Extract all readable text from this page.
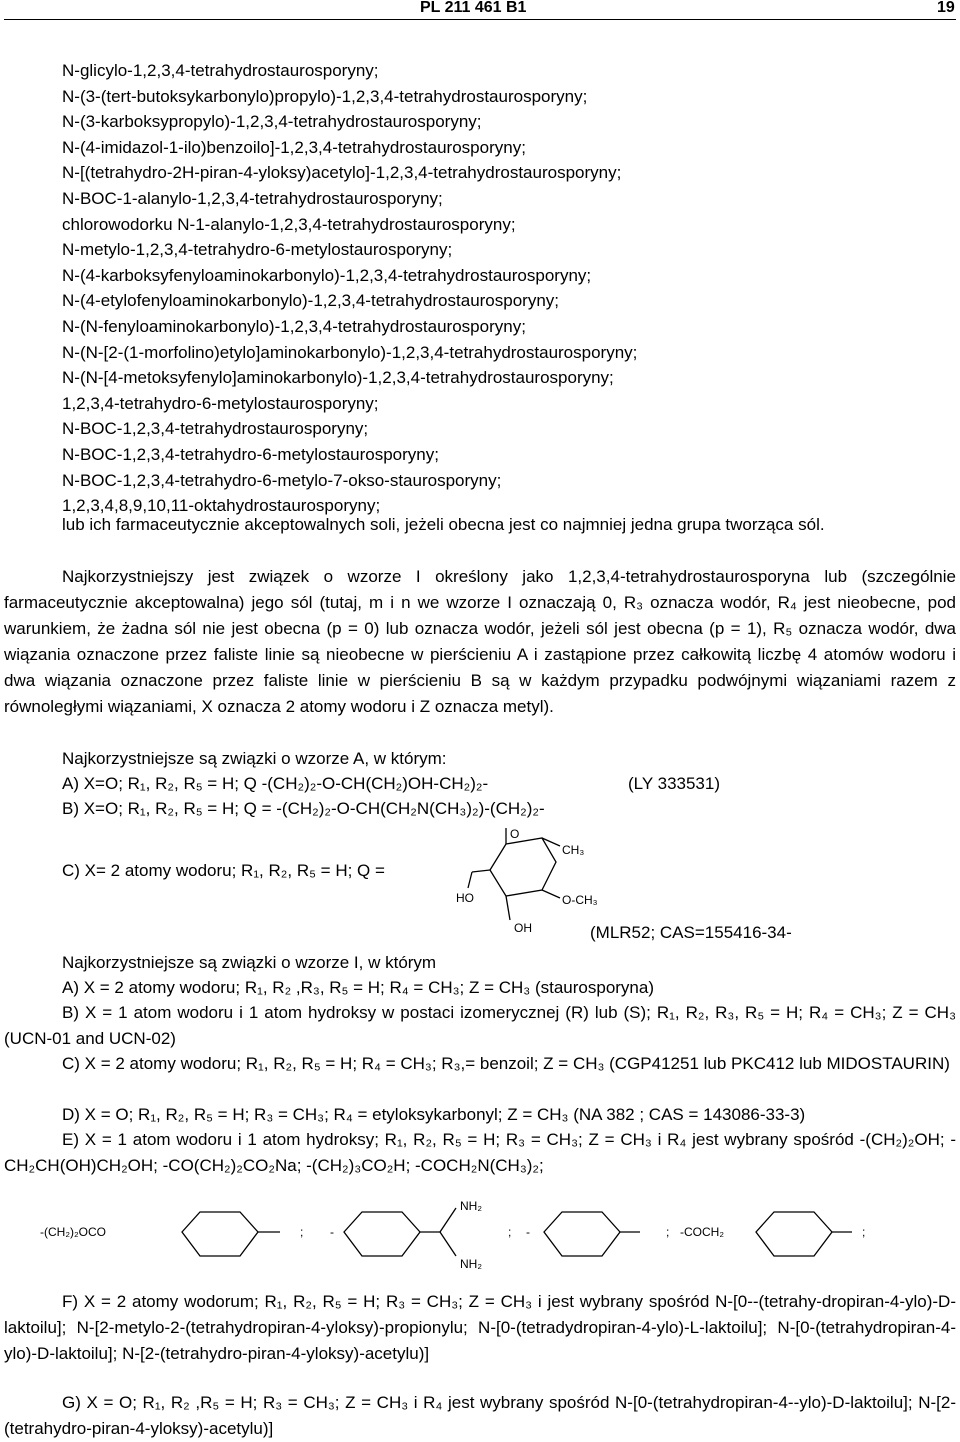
PL 211 461 B1	19
N-glicylo-1,2,3,4-tetrahydrostaurosporyny;
N-(3-(tert-butoksykarbonylo)propylo)-1,2,3,4-tetrahydrostaurosporyny;
N-(3-karboksypropylo)-1,2,3,4-tetrahydrostaurosporyny;
N-(4-imidazol-1-ilo)benzoilo]-1,2,3,4-tetrahydrostaurosporyny;
N-[(tetrahydro-2H-piran-4-yloksy)acetylo]-1,2,3,4-tetrahydrostaurosporyny;
N-BOC-1-alanylo-1,2,3,4-tetrahydrostaurosporyny;
chlorowodorku N-1-alanylo-1,2,3,4-tetrahydrostaurosporyny;
N-metylo-1,2,3,4-tetrahydro-6-metylostaurosporyny;
N-(4-karboksyfenyloaminokarbonylo)-1,2,3,4-tetrahydrostaurosporyny;
N-(4-etylofenyloaminokarbonylo)-1,2,3,4-tetrahydrostaurosporyny;
N-(N-fenyloaminokarbonylo)-1,2,3,4-tetrahydrostaurosporyny;
N-(N-[2-(1-morfolino)etylo]aminokarbonylo)-1,2,3,4-tetrahydrostaurosporyny;
N-(N-[4-metoksyfenylo]aminokarbonylo)-1,2,3,4-tetrahydrostaurosporyny;
1,2,3,4-tetrahydro-6-metylostaurosporyny;
N-BOC-1,2,3,4-tetrahydrostaurosporyny;
N-BOC-1,2,3,4-tetrahydro-6-metylostaurosporyny;
N-BOC-1,2,3,4-tetrahydro-6-metylo-7-okso-staurosporyny;
1,2,3,4,8,9,10,11-oktahydrostaurosporyny;

lub ich farmaceutycznie akceptowalnych soli, jeżeli obecna jest co najmniej jedna grupa tworząca sól.

Najkorzystniejszy jest związek o wzorze I określony jako 1,2,3,4-tetrahydrostaurosporyna lub (szczególnie farmaceutycznie akceptowalna) jego sól (tutaj, m i n we wzorze I oznaczają 0, R₃ oznacza wodór, R₄ jest nieobecne, pod warunkiem, że żadna sól nie jest obecna (p = 0) lub oznacza wodór, jeżeli sól jest obecna (p = 1), R₅ oznacza wodór, dwa wiązania oznaczone przez faliste linie są nieobecne w pierścieniu A i zastąpione przez całkowitą liczbę 4 atomów wodoru i dwa wiązania oznaczone przez faliste linie w pierścieniu B są w każdym przypadku podwójnymi wiązaniami razem z równoległymi wiązaniami, X oznacza 2 atomy wodoru i Z oznacza metyl).

Najkorzystniejsze są związki o wzorze A, w którym:
A) X=O; R₁, R₂, R₅ = H; Q -(CH₂)₂-O-CH(CH₂)OH-CH₂)₂-	(LY 333531)
B) X=O; R₁, R₂, R₅ = H; Q = -(CH₂)₂-O-CH(CH₂N(CH₃)₂)-(CH₂)₂-
C) X= 2 atomy wodoru; R₁, R₂, R₅ = H; Q =
O
CH₃
HO	O-CH₃
OH	(MLR52; CAS=155416-34-
Najkorzystniejsze są związki o wzorze I, w którym
A) X = 2 atomy wodoru; R₁, R₂ ,R₃, R₅ = H; R₄ = CH₃; Z = CH₃ (staurosporyna)

B) X = 1 atom wodoru i 1 atom hydroksy w postaci izomerycznej (R) lub (S); R₁, R₂, R₃, R₅ = H; R₄ = CH₃; Z = CH₃ (UCN-01 and UCN-02)

C) X = 2 atomy wodoru; R₁, R₂, R₅ = H; R₄ = CH₃; R₃,= benzoil; Z = CH₃ (CGP41251 lub PKC412 lub MIDOSTAURIN)

D) X = O; R₁, R₂, R₅ = H; R₃ = CH₃; R₄ = etyloksykarbonyl; Z = CH₃ (NA 382 ; CAS = 143086-33-3)

E) X = 1 atom wodoru i 1 atom hydroksy; R₁, R₂, R₅ = H; R₃ = CH₃; Z = CH₃ i R₄ jest wybrany spośród -(CH₂)₂OH; -CH₂CH(OH)CH₂OH; -CO(CH₂)₂CO₂Na; -(CH₂)₃CO₂H; -COCH₂N(CH₃)₂;

-(CH₂)₂OCO	; -
NH₂
NH₂
; -	; -COCH₂	;

F) X = 2 atomy wodorum; R₁, R₂, R₅ = H; R₃ = CH₃; Z = CH₃ i jest wybrany spośród N-[0--(tetrahy-dropiran-4-ylo)-D-laktoilu]; N-[2-metylo-2-(tetrahydropiran-4-yloksy)-propionylu; N-[0-(tetradydropiran-4-ylo)-L-laktoilu]; N-[0-(tetrahydropiran-4-ylo)-D-laktoilu]; N-[2-(tetrahydro-piran-4-yloksy)-acetylu)]

G) X = O; R₁, R₂ ,R₅ = H; R₃ = CH₃; Z = CH₃ i R₄ jest wybrany spośród N-[0-(tetrahydropiran-4--ylo)-D-laktoilu]; N-[2-(tetrahydro-piran-4-yloksy)-acetylu)]
